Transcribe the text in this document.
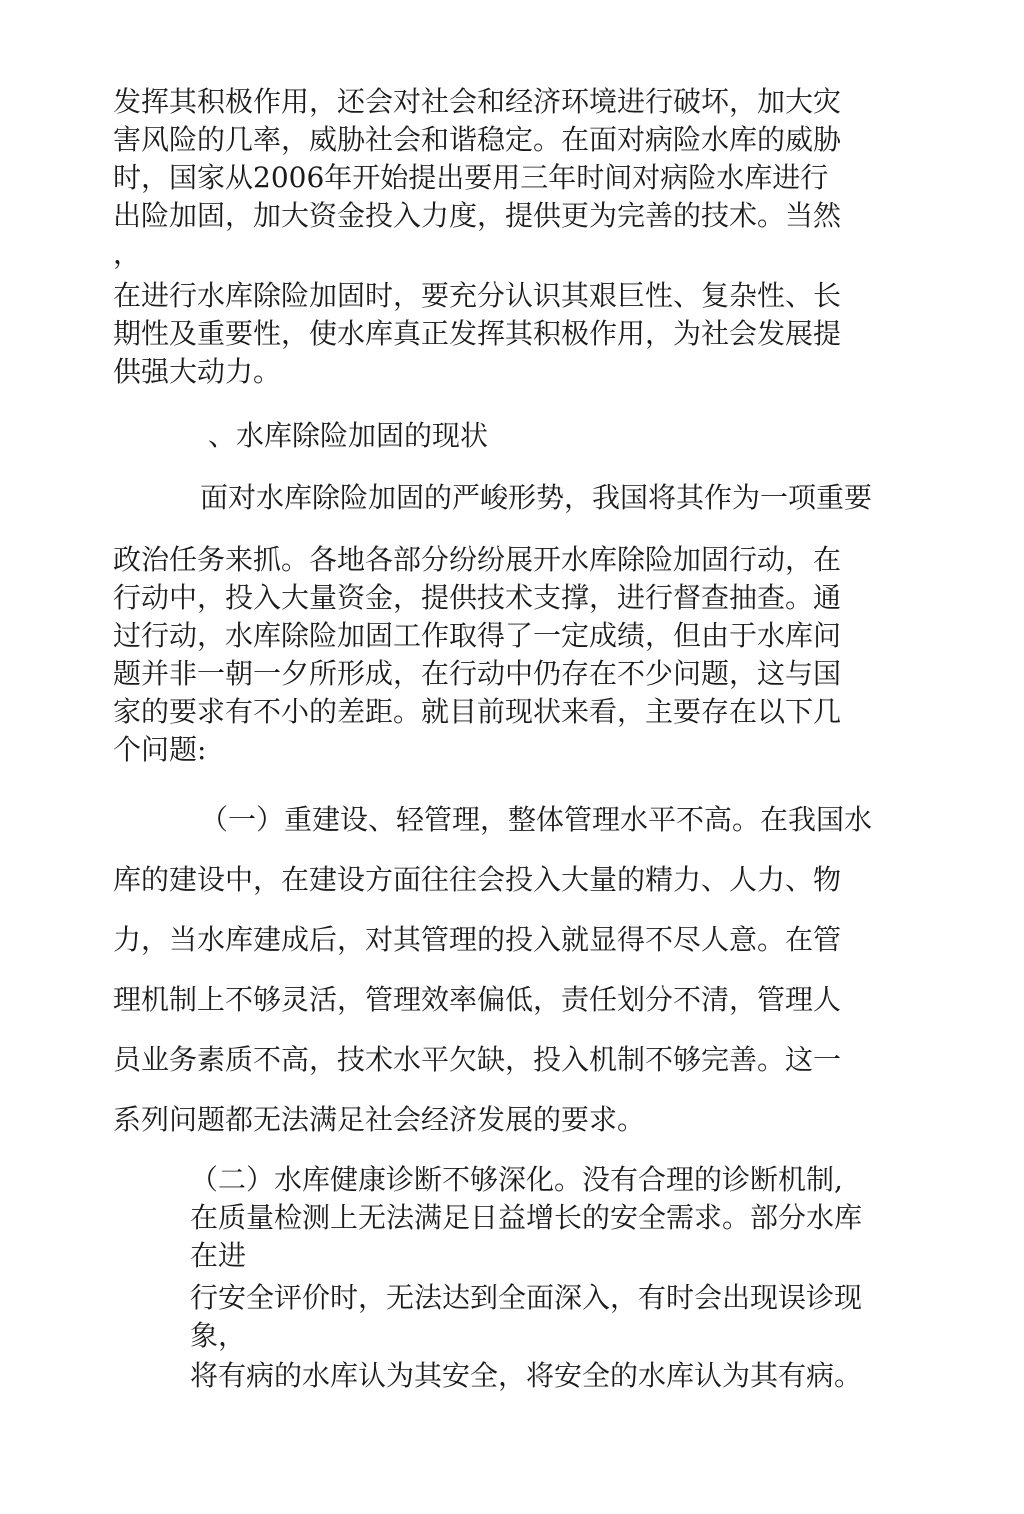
发挥其积极作用，还会对社会和经济环境进行破坏，加大灾
害风险的几率，威胁社会和谐稳定。在面对病险水库的威胁
时，国家从2006年开始提出要用三年时间对病险水库进行
出险加固，加大资金投入力度，提供更为完善的技术。当然
，
在进行水库除险加固时，要充分认识其艰巨性、复杂性、长
期性及重要性，使水库真正发挥其积极作用，为社会发展提
供强大动力。
、水库除险加固的现状
面对水库除险加固的严峻形势，我国将其作为一项重要
政治任务来抓。各地各部分纷纷展开水库除险加固行动，在
行动中，投入大量资金，提供技术支撑，进行督查抽查。通
过行动，水库除险加固工作取得了一定成绩，但由于水库问
题并非一朝一夕所形成，在行动中仍存在不少问题，这与国
家的要求有不小的差距。就目前现状来看，主要存在以下几
个问题:
（一）重建设、轻管理，整体管理水平不高。在我国水
库的建设中，在建设方面往往会投入大量的精力、人力、物
力，当水库建成后，对其管理的投入就显得不尽人意。在管
理机制上不够灵活，管理效率偏低，责任划分不清，管理人
员业务素质不高，技术水平欠缺，投入机制不够完善。这一
系列问题都无法满足社会经济发展的要求。
（二）水库健康诊断不够深化。没有合理的诊断机制,
在质量检测上无法满足日益增长的安全需求。部分水库
在进
行安全评价时，无法达到全面深入，有时会出现误诊现
象，
将有病的水库认为其安全，将安全的水库认为其有病。
